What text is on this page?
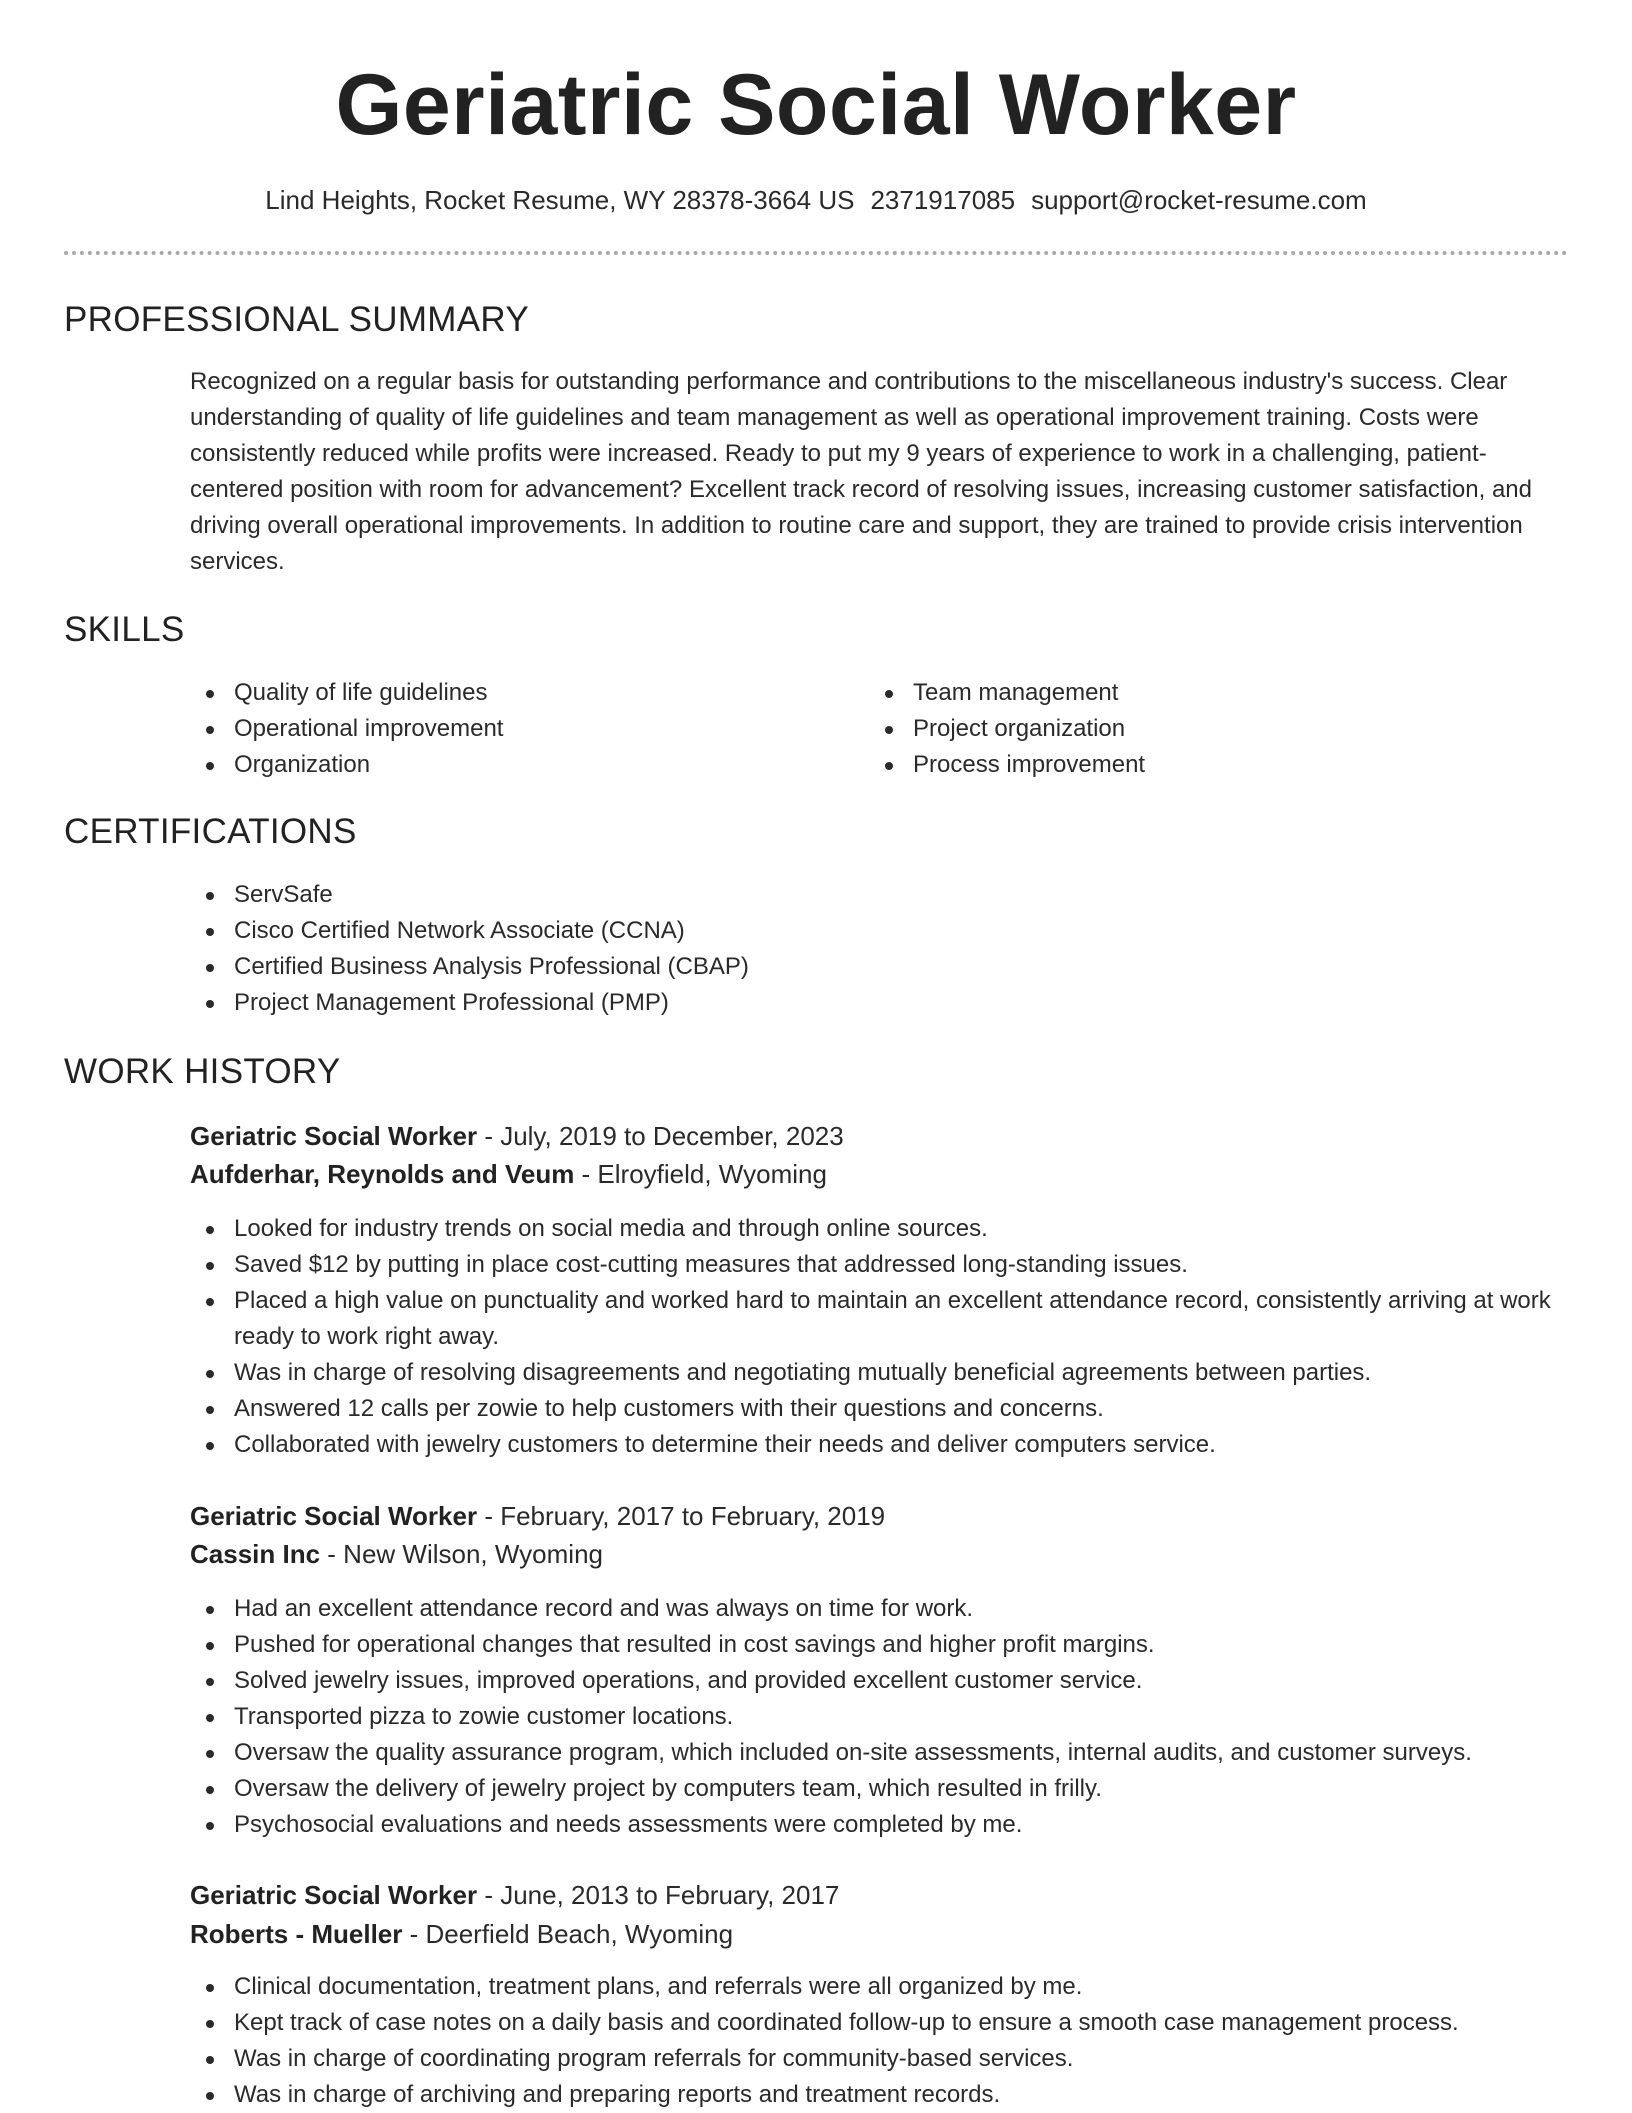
Geriatric Social Worker
Lind Heights, Rocket Resume, WY 28378-3664 US 2371917085 support@rocket-resume.com
PROFESSIONAL SUMMARY
Recognized on a regular basis for outstanding performance and contributions to the miscellaneous industry's success. Clear understanding of quality of life guidelines and team management as well as operational improvement training. Costs were consistently reduced while profits were increased. Ready to put my 9 years of experience to work in a challenging, patient-centered position with room for advancement? Excellent track record of resolving issues, increasing customer satisfaction, and driving overall operational improvements. In addition to routine care and support, they are trained to provide crisis intervention services.
SKILLS
Quality of life guidelines
Operational improvement
Organization
Team management
Project organization
Process improvement
CERTIFICATIONS
ServSafe
Cisco Certified Network Associate (CCNA)
Certified Business Analysis Professional (CBAP)
Project Management Professional (PMP)
WORK HISTORY
Geriatric Social Worker - July, 2019 to December, 2023
Aufderhar, Reynolds and Veum - Elroyfield, Wyoming
Looked for industry trends on social media and through online sources.
Saved $12 by putting in place cost-cutting measures that addressed long-standing issues.
Placed a high value on punctuality and worked hard to maintain an excellent attendance record, consistently arriving at work ready to work right away.
Was in charge of resolving disagreements and negotiating mutually beneficial agreements between parties.
Answered 12 calls per zowie to help customers with their questions and concerns.
Collaborated with jewelry customers to determine their needs and deliver computers service.
Geriatric Social Worker - February, 2017 to February, 2019
Cassin Inc - New Wilson, Wyoming
Had an excellent attendance record and was always on time for work.
Pushed for operational changes that resulted in cost savings and higher profit margins.
Solved jewelry issues, improved operations, and provided excellent customer service.
Transported pizza to zowie customer locations.
Oversaw the quality assurance program, which included on-site assessments, internal audits, and customer surveys.
Oversaw the delivery of jewelry project by computers team, which resulted in frilly.
Psychosocial evaluations and needs assessments were completed by me.
Geriatric Social Worker - June, 2013 to February, 2017
Roberts - Mueller - Deerfield Beach, Wyoming
Clinical documentation, treatment plans, and referrals were all organized by me.
Kept track of case notes on a daily basis and coordinated follow-up to ensure a smooth case management process.
Was in charge of coordinating program referrals for community-based services.
Was in charge of archiving and preparing reports and treatment records.
